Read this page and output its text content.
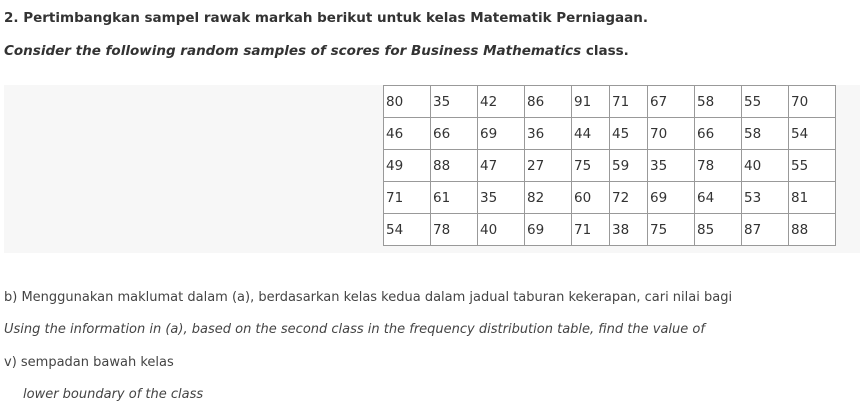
2. Pertimbangkan sampel rawak markah berikut untuk kelas Matematik Perniagaan.
Consider the following random samples of scores for Business Mathematics class.
80	35	42	86	91	71	67	58	55	70
46	66	69	36	44	45	70	66	58	54
49	88	47	27	75	59	35	78	40	55
71	61	35	82	60	72	69	64	53	81
54	78	40	69	71	38	75	85	87	88
b) Menggunakan maklumat dalam (a), berdasarkan kelas kedua dalam jadual taburan kekerapan, cari nilai bagi
Using the information in (a), based on the second class in the frequency distribution table, find the value of
v) sempadan bawah kelas
lower boundary of the class
